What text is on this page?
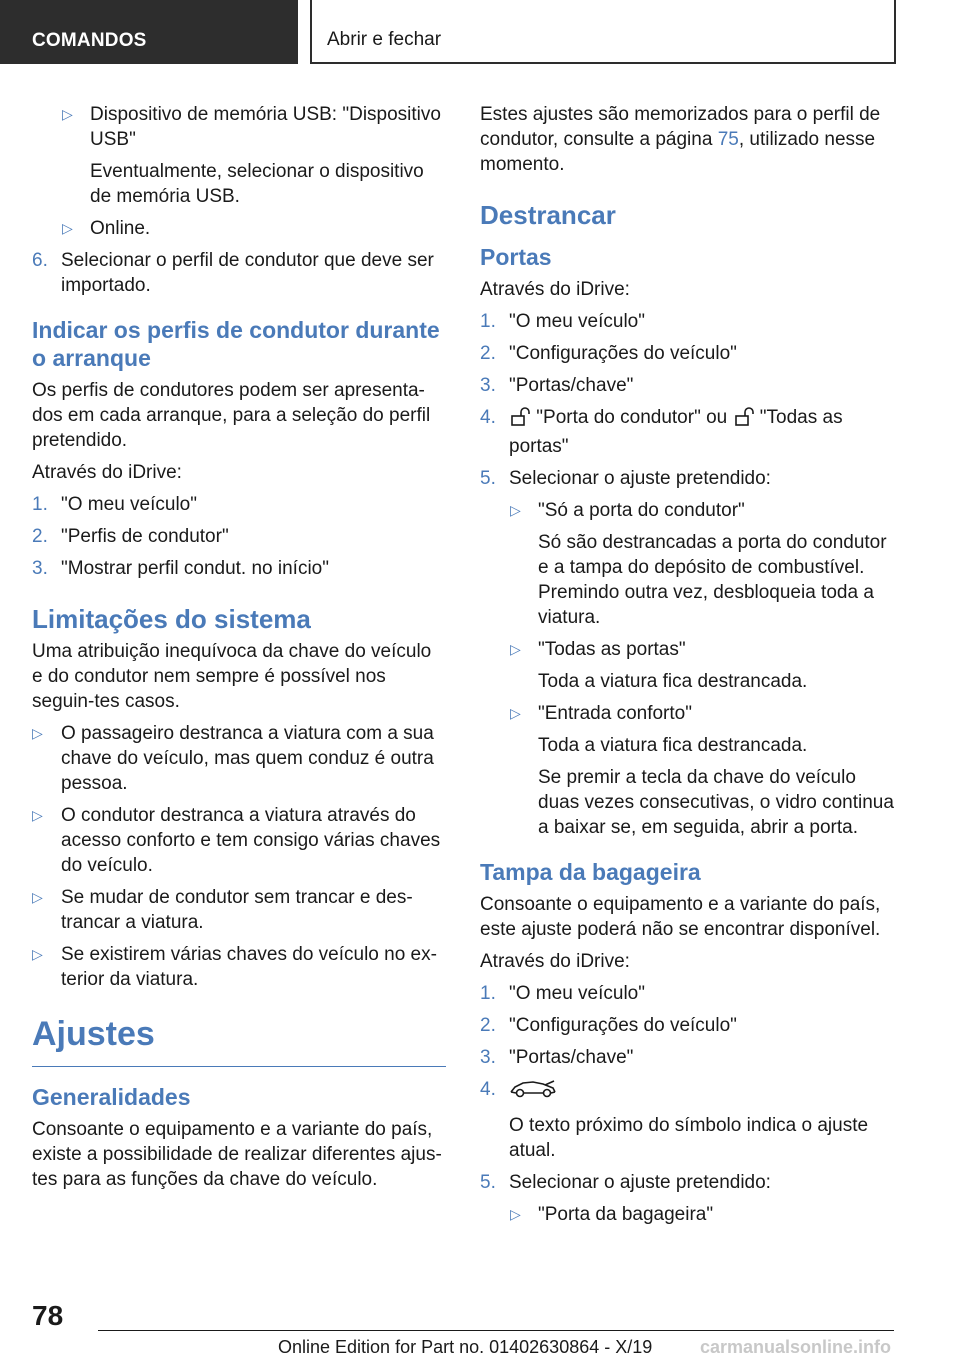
COMANDOS	Abrir e fechar
▷ Dispositivo de memória USB: "Dispositivo USB"
Eventualmente, selecionar o dispositivo de memória USB.
▷ Online.
6. Selecionar o perfil de condutor que deve ser importado.
Indicar os perfis de condutor durante o arranque

Os perfis de condutores podem ser apresenta-dos em cada arranque, para a seleção do perfil pretendido.

Através do iDrive:

1. "O meu veículo"
2. "Perfis de condutor"
3. "Mostrar perfil condut. no início"
Limitações do sistema

Uma atribuição inequívoca da chave do veículo e do condutor nem sempre é possível nos seguin-tes casos.

▷ O passageiro destranca a viatura com a sua chave do veículo, mas quem conduz é outra pessoa.
▷ O condutor destranca a viatura através do acesso conforto e tem consigo várias chaves do veículo.
▷ Se mudar de condutor sem trancar e des-trancar a viatura.
▷ Se existirem várias chaves do veículo no ex-terior da viatura.
Ajustes
Generalidades

Consoante o equipamento e a variante do país, existe a possibilidade de realizar diferentes ajus-tes para as funções da chave do veículo.

Estes ajustes são memorizados para o perfil de condutor, consulte a página 75, utilizado nesse momento.

Destrancar
Portas

Através do iDrive:

1. "O meu veículo"
2. "Configurações do veículo"
3. "Portas/chave"
4. "Porta do condutor" ou  "Todas as portas"
5. Selecionar o ajuste pretendido:
▷ "Só a porta do condutor"
Só são destrancadas a porta do condutor e a tampa do depósito de combustível. Premindo outra vez, desbloqueia toda a viatura.
▷ "Todas as portas"
Toda a viatura fica destrancada.
▷ "Entrada conforto"
Toda a viatura fica destrancada.
Se premir a tecla da chave do veículo duas vezes consecutivas, o vidro continua a baixar se, em seguida, abrir a porta.
Tampa da bagageira

Consoante o equipamento e a variante do país, este ajuste poderá não se encontrar disponível.

Através do iDrive:

1. "O meu veículo"
2. "Configurações do veículo"
3. "Portas/chave"
4.
O texto próximo do símbolo indica o ajuste atual.
5. Selecionar o ajuste pretendido:
▷ "Porta da bagageira"
78
Online Edition for Part no. 01402630864 - X/19	carmanualsonline.info
